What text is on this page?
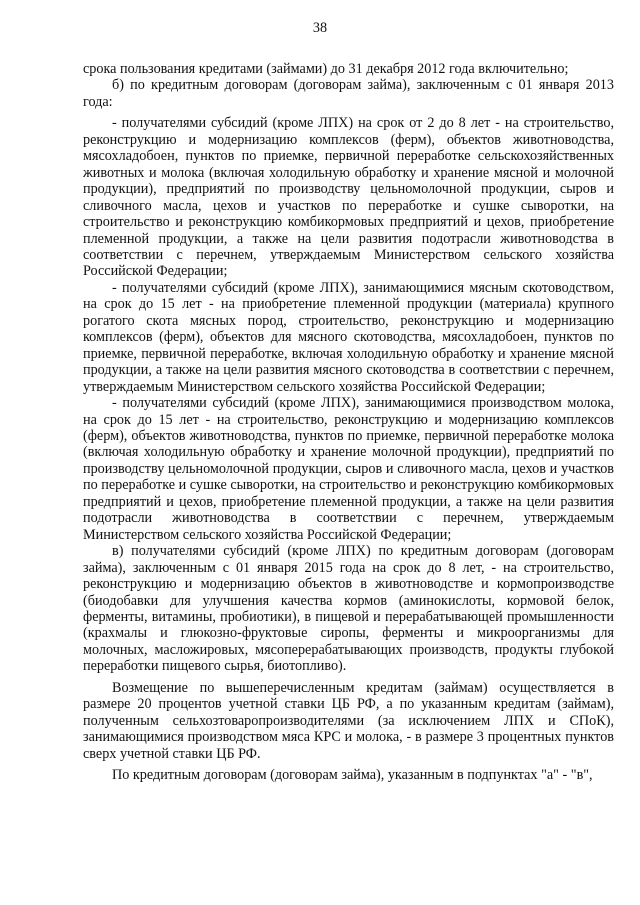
38

срока пользования кредитами (займами) до 31 декабря 2012 года включительно;

б) по кредитным договорам (договорам займа), заключенным с 01 января 2013 года:

- получателями субсидий (кроме ЛПХ) на срок от 2 до 8 лет - на строительство, реконструкцию и модернизацию комплексов (ферм), объектов животноводства, мясохладобоен, пунктов по приемке, первичной переработке сельскохозяйственных животных и молока (включая холодильную обработку и хранение мясной и молочной продукции), предприятий по производству цельномолочной продукции, сыров и сливочного масла, цехов и участков по переработке и сушке сыворотки, на строительство и реконструкцию комбикормовых предприятий и цехов, приобретение племенной продукции, а также на цели развития подотрасли животноводства в соответствии с перечнем, утверждаемым Министерством сельского хозяйства Российской Федерации;

- получателями субсидий (кроме ЛПХ), занимающимися мясным скотоводством, на срок до 15 лет - на приобретение племенной продукции (материала) крупного рогатого скота мясных пород, строительство, реконструкцию и модернизацию комплексов (ферм), объектов для мясного скотоводства, мясохладобоен, пунктов по приемке, первичной переработке, включая холодильную обработку и хранение мясной продукции, а также на цели развития мясного скотоводства в соответствии с перечнем, утверждаемым Министерством сельского хозяйства Российской Федерации;

- получателями субсидий (кроме ЛПХ), занимающимися производством молока, на срок до 15 лет - на строительство, реконструкцию и модернизацию комплексов (ферм), объектов животноводства, пунктов по приемке, первичной переработке молока (включая холодильную обработку и хранение молочной продукции), предприятий по производству цельномолочной продукции, сыров и сливочного масла, цехов и участков по переработке и сушке сыворотки, на строительство и реконструкцию комбикормовых предприятий и цехов, приобретение племенной продукции, а также на цели развития подотрасли животноводства в соответствии с перечнем, утверждаемым Министерством сельского хозяйства Российской Федерации;

в) получателями субсидий (кроме ЛПХ) по кредитным договорам (договорам займа), заключенным с 01 января 2015 года на срок до 8 лет, - на строительство, реконструкцию и модернизацию объектов в животноводстве и кормопроизводстве (биодобавки для улучшения качества кормов (аминокислоты, кормовой белок, ферменты, витамины, пробиотики), в пищевой и перерабатывающей промышленности (крахмалы и глюкозно-фруктовые сиропы, ферменты и микроорганизмы для молочных, масложировых, мясоперерабатывающих производств, продукты глубокой переработки пищевого сырья, биотопливо).

Возмещение по вышеперечисленным кредитам (займам) осуществляется в размере 20 процентов учетной ставки ЦБ РФ, а по указанным кредитам (займам), полученным сельхозтоваропроизводителями (за исключением ЛПХ и СПоК), занимающимися производством мяса КРС и молока, - в размере 3 процентных пунктов сверх учетной ставки ЦБ РФ.

По кредитным договорам (договорам займа), указанным в подпунктах "а" - "в",
